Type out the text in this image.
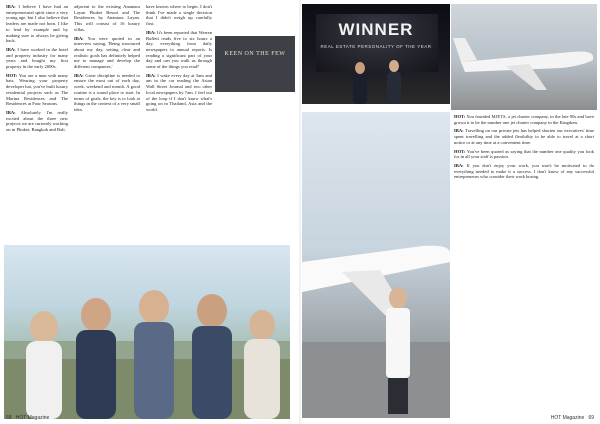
IBA: I believe I have had an entrepreneurial spirit since a very young age, but I also believe that leaders are made not born. I like to lead by example and by making sure to always be giving back.

IBA: I have worked in the hotel and property industry for many years and bought my first property in the early 2000s.

HOT: You are a man with many hats. Wearing your property developer hat, you've built luxury residential projects such as The Marina Residences and The Residences at Four Seasons.

IBA: Absolutely. I'm really excited about the three new projects we are currently working on in Phuket, Bangkok and Bali.

adjacent to the existing Anantara Layan Phuket Resort and The Residences by Anantara Layan. This will consist of 16 luxury villas.

IBA: You were quoted in an interview saying, 'Being structured about my day, setting clear and realistic goals has definitely helped me to manage and develop the different companies.'

IBA: Great discipline is needed to ensure the most out of each day, week, weekend and month. A good routine is a sound place to start. In terms of goals, the key is to look at things in the context of a very small idea.

have known where to begin. I don't think I've made a single decision that I didn't weigh up carefully first.

IBA: It's been reported that Warren Buffett reads five to six hours a day, everything from daily newspapers to annual reports. Is reading a significant part of your day and can you walk us through some of the things you read?

IBA: I wake every day at 5am and am in the car reading the Asian Wall Street Journal and two other local newspapers by 7am. I feel out of the loop if I don't know what's going on in Thailand, Asia and the world.

KEEN ON THE FEW
68 HOT Magazine
WINNER
REAL ESTATE PERSONALITY OF THE YEAR

HOT: You founded MJETS, a jet charter company, in the late 90s and have grown it to be the number one jet charter company in the Kingdom.

IBA: Travelling on our private jets has helped shorten our executives' time spent travelling and the added flexibility to be able to travel at a short notice or at any time at a convenient time.

HOT: You've been quoted as saying that the number one quality you look for in all your staff is passion.

IBA: If you don't enjoy your work, you won't be motivated to do everything needed to make it a success. I don't know of any successful entrepreneurs who consider their work boring.

HOT Magazine 69
